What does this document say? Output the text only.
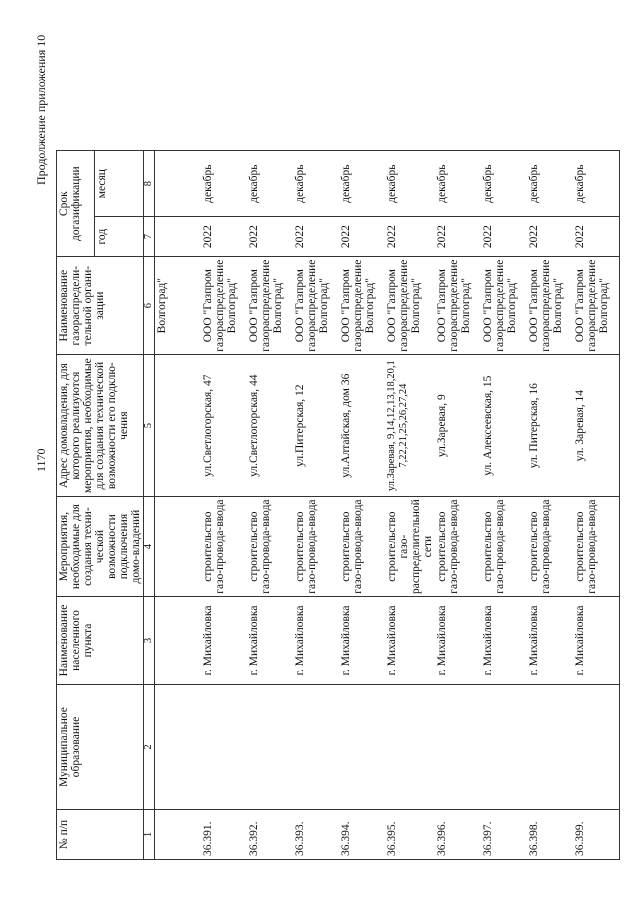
1170
Продолжение приложения 10
№ п/п	Муниципальное образование	Наименование населенного пункта	Мероприятия, необходимые для создания техни-ческой возможности подключения домо-владений	Адрес домовладения, для которого реализуются мероприятия, необходимые для создания технической возможности его подклю-чения	Наименование газораспредели-тельной органи-зации	Срок догазификации	
						год	месяц
1	2	3	4	5	6	7	8
					Волгоград"		
36.391.		г. Михайловка	строительство газо-провода-ввода	ул.Светлогорская, 47	ООО "Газпром газораспределение Волгоград"	2022	декабрь
36.392.		г. Михайловка	строительство газо-провода-ввода	ул.Светлогорская, 44	ООО "Газпром газораспределение Волгоград"	2022	декабрь
36.393.		г. Михайловка	строительство газо-провода-ввода	ул.Питерская, 12	ООО "Газпром газораспределение Волгоград"	2022	декабрь
36.394.		г. Михайловка	строительство газо-провода-ввода	ул.Алтайская, дом 36	ООО "Газпром газораспределение Волгоград"	2022	декабрь
36.395.		г. Михайловка	строительство газо-распределительной сети	ул.Заревая, 9,14,12,13,18,20,17,22,21,25,26,27,24	ООО "Газпром газораспределение Волгоград"	2022	декабрь
36.396.		г. Михайловка	строительство газо-провода-ввода	ул.Заревая, 9	ООО "Газпром газораспределение Волгоград"	2022	декабрь
36.397.		г. Михайловка	строительство газо-провода-ввода	ул. Алексеевская, 15	ООО "Газпром газораспределение Волгоград"	2022	декабрь
36.398.		г. Михайловка	строительство газо-провода-ввода	ул. Питерская, 16	ООО "Газпром газораспределение Волгоград"	2022	декабрь
36.399.		г. Михайловка	строительство газо-провода-ввода	ул. Заревая, 14	ООО "Газпром газораспределение Волгоград"	2022	декабрь
